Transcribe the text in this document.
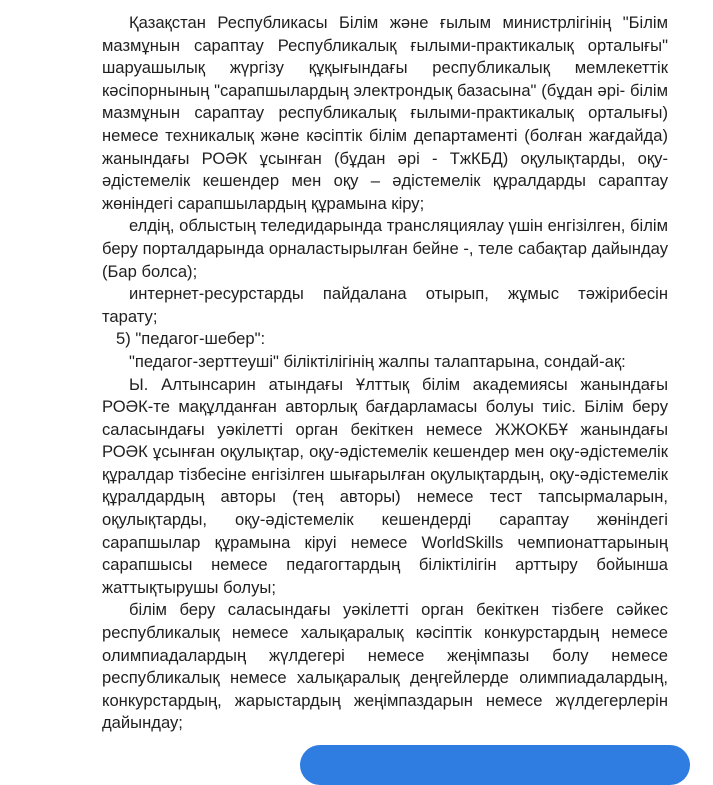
Қазақстан Республикасы Білім және ғылым министрлігінің "Білім мазмұнын сараптау Республикалық ғылыми-практикалық орталығы" шаруашылық жүргізу құқығындағы республикалық мемлекеттік кәсіпорнының "сарапшылардың электрондық базасына" (бұдан әрі- білім мазмұнын сараптау республикалық ғылыми-практикалық орталығы) немесе техникалық және кәсіптік білім департаменті (болған жағдайда) жанындағы РОӘК ұсынған (бұдан әрі - ТжКБД) оқулықтарды, оқу-әдістемелік кешендер мен оқу – әдістемелік құралдарды сараптау жөніндегі сарапшылардың құрамына кіру;

елдің, облыстың теледидарында трансляциялау үшін енгізілген, білім беру порталдарында орналастырылған бейне -, теле сабақтар дайындау (Бар болса);

интернет-ресурстарды пайдалана отырып, жұмыс тәжірибесін тарату;

5) "педагог-шебер":

"педагог-зерттеуші" біліктілігінің жалпы талаптарына, сондай-ақ:

Ы. Алтынсарин атындағы Ұлттық білім академиясы жанындағы РОӘК-те мақұлданған авторлық бағдарламасы болуы тиіс. Білім беру саласындағы уәкілетті орган бекіткен немесе ЖЖОКБҰ жанындағы РОӘК ұсынған оқулықтар, оқу-әдістемелік кешендер мен оқу-әдістемелік құралдар тізбесіне енгізілген шығарылған оқулықтардың, оқу-әдістемелік құралдардың авторы (тең авторы) немесе тест тапсырмаларын, оқулықтарды, оқу-әдістемелік кешендерді сараптау жөніндегі сарапшылар құрамына кіруі немесе WorldSkills чемпионаттарының сарапшысы немесе педагогтардың біліктілігін арттыру бойынша жаттықтырушы болуы;

білім беру саласындағы уәкілетті орган бекіткен тізбеге сәйкес республикалық немесе халықаралық кәсіптік конкурстардың немесе олимпиадалардың жүлдегері немесе жеңімпазы болу немесе республикалық немесе халықаралық деңгейлерде олимпиадалардың, конкурстардың, жарыстардың жеңімпаздарын немесе жүлдегерлерін дайындау;
